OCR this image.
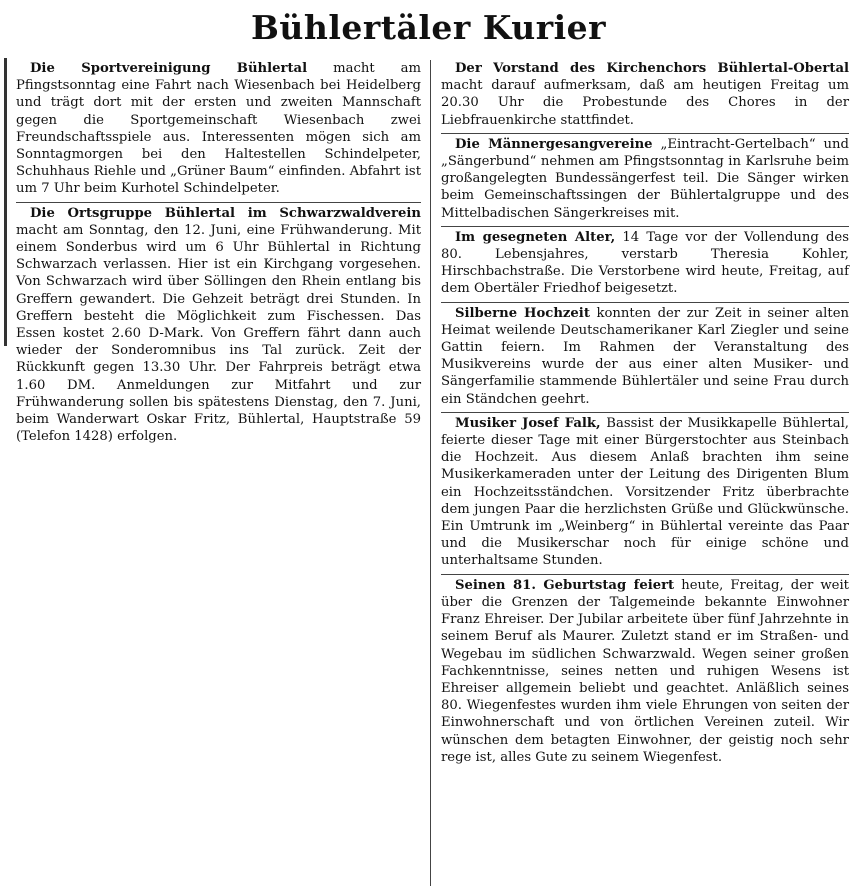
Bühlertäler Kurier

Die Sportvereinigung Bühlertal macht am Pfingstsonntag eine Fahrt nach Wiesenbach bei Heidelberg und trägt dort mit der ersten und zweiten Mannschaft gegen die Sportgemeinschaft Wiesenbach zwei Freundschaftsspiele aus. Interessenten mögen sich am Sonntagmorgen bei den Haltestellen Schindelpeter, Schuhhaus Riehle und „Grüner Baum“ einfinden. Abfahrt ist um 7 Uhr beim Kurhotel Schindelpeter.

Die Ortsgruppe Bühlertal im Schwarzwaldverein macht am Sonntag, den 12. Juni, eine Frühwanderung. Mit einem Sonderbus wird um 6 Uhr Bühlertal in Richtung Schwarzach verlassen. Hier ist ein Kirchgang vorgesehen. Von Schwarzach wird über Söllingen den Rhein entlang bis Greffern gewandert. Die Gehzeit beträgt drei Stunden. In Greffern besteht die Möglichkeit zum Fischessen. Das Essen kostet 2.60 D-Mark. Von Greffern fährt dann auch wieder der Sonderomnibus ins Tal zurück. Zeit der Rückkunft gegen 13.30 Uhr. Der Fahrpreis beträgt etwa 1.60 DM. Anmeldungen zur Mitfahrt und zur Frühwanderung sollen bis spätestens Dienstag, den 7. Juni, beim Wanderwart Oskar Fritz, Bühlertal, Hauptstraße 59 (Telefon 1428) erfolgen.

Der Vorstand des Kirchenchors Bühlertal-Obertal macht darauf aufmerksam, daß am heutigen Freitag um 20.30 Uhr die Probestunde des Chores in der Liebfrauenkirche stattfindet.

Die Männergesangvereine „Eintracht-Gertelbach“ und „Sängerbund“ nehmen am Pfingstsonntag in Karlsruhe beim großangelegten Bundessängerfest teil. Die Sänger wirken beim Gemeinschaftssingen der Bühlertalgruppe und des Mittelbadischen Sängerkreises mit.

Im gesegneten Alter, 14 Tage vor der Vollendung des 80. Lebensjahres, verstarb Theresia Kohler, Hirschbachstraße. Die Verstorbene wird heute, Freitag, auf dem Obertäler Friedhof beigesetzt.

Silberne Hochzeit konnten der zur Zeit in seiner alten Heimat weilende Deutschamerikaner Karl Ziegler und seine Gattin feiern. Im Rahmen der Veranstaltung des Musikvereins wurde der aus einer alten Musiker- und Sängerfamilie stammende Bühlertäler und seine Frau durch ein Ständchen geehrt.

Musiker Josef Falk, Bassist der Musikkapelle Bühlertal, feierte dieser Tage mit einer Bürgerstochter aus Steinbach die Hochzeit. Aus diesem Anlaß brachten ihm seine Musikerkameraden unter der Leitung des Dirigenten Blum ein Hochzeitsständchen. Vorsitzender Fritz überbrachte dem jungen Paar die herzlichsten Grüße und Glückwünsche. Ein Umtrunk im „Weinberg“ in Bühlertal vereinte das Paar und die Musikerschar noch für einige schöne und unterhaltsame Stunden.

Seinen 81. Geburtstag feiert heute, Freitag, der weit über die Grenzen der Talgemeinde bekannte Einwohner Franz Ehreiser. Der Jubilar arbeitete über fünf Jahrzehnte in seinem Beruf als Maurer. Zuletzt stand er im Straßen- und Wegebau im südlichen Schwarzwald. Wegen seiner großen Fachkenntnisse, seines netten und ruhigen Wesens ist Ehreiser allgemein beliebt und geachtet. Anläßlich seines 80. Wiegenfestes wurden ihm viele Ehrungen von seiten der Einwohnerschaft und von örtlichen Vereinen zuteil. Wir wünschen dem betagten Einwohner, der geistig noch sehr rege ist, alles Gute zu seinem Wiegenfest.
